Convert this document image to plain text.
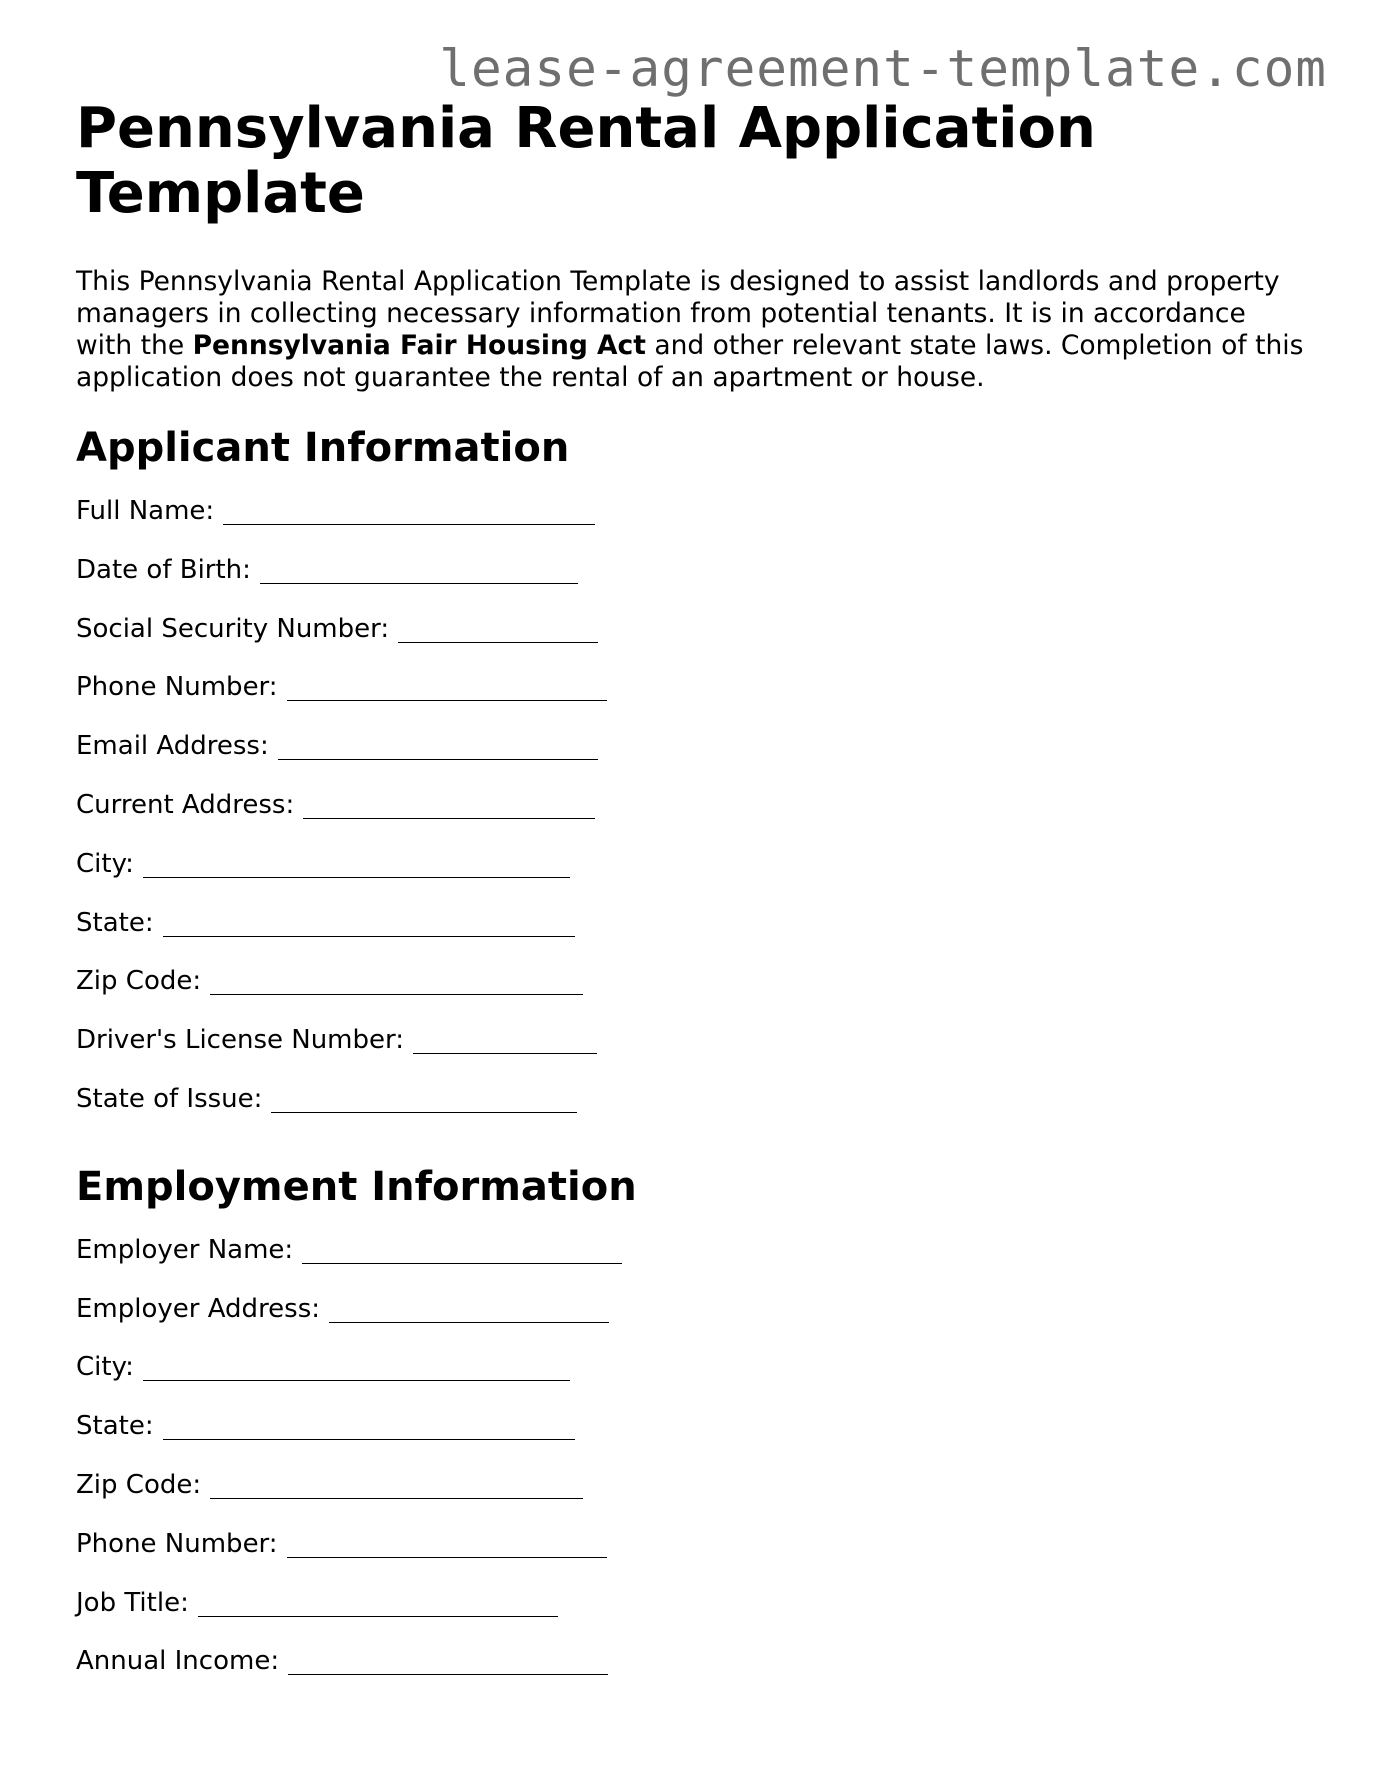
lease-agreement-template.com
Pennsylvania Rental Application Template

This Pennsylvania Rental Application Template is designed to assist landlords and property managers in collecting necessary information from potential tenants. It is in accordance with the Pennsylvania Fair Housing Act and other relevant state laws. Completion of this application does not guarantee the rental of an apartment or house.

Applicant Information
Full Name:
Date of Birth:
Social Security Number:
Phone Number:
Email Address:
Current Address:
City:
State:
Zip Code:
Driver's License Number:
State of Issue:
Employment Information
Employer Name:
Employer Address:
City:
State:
Zip Code:
Phone Number:
Job Title:
Annual Income:
